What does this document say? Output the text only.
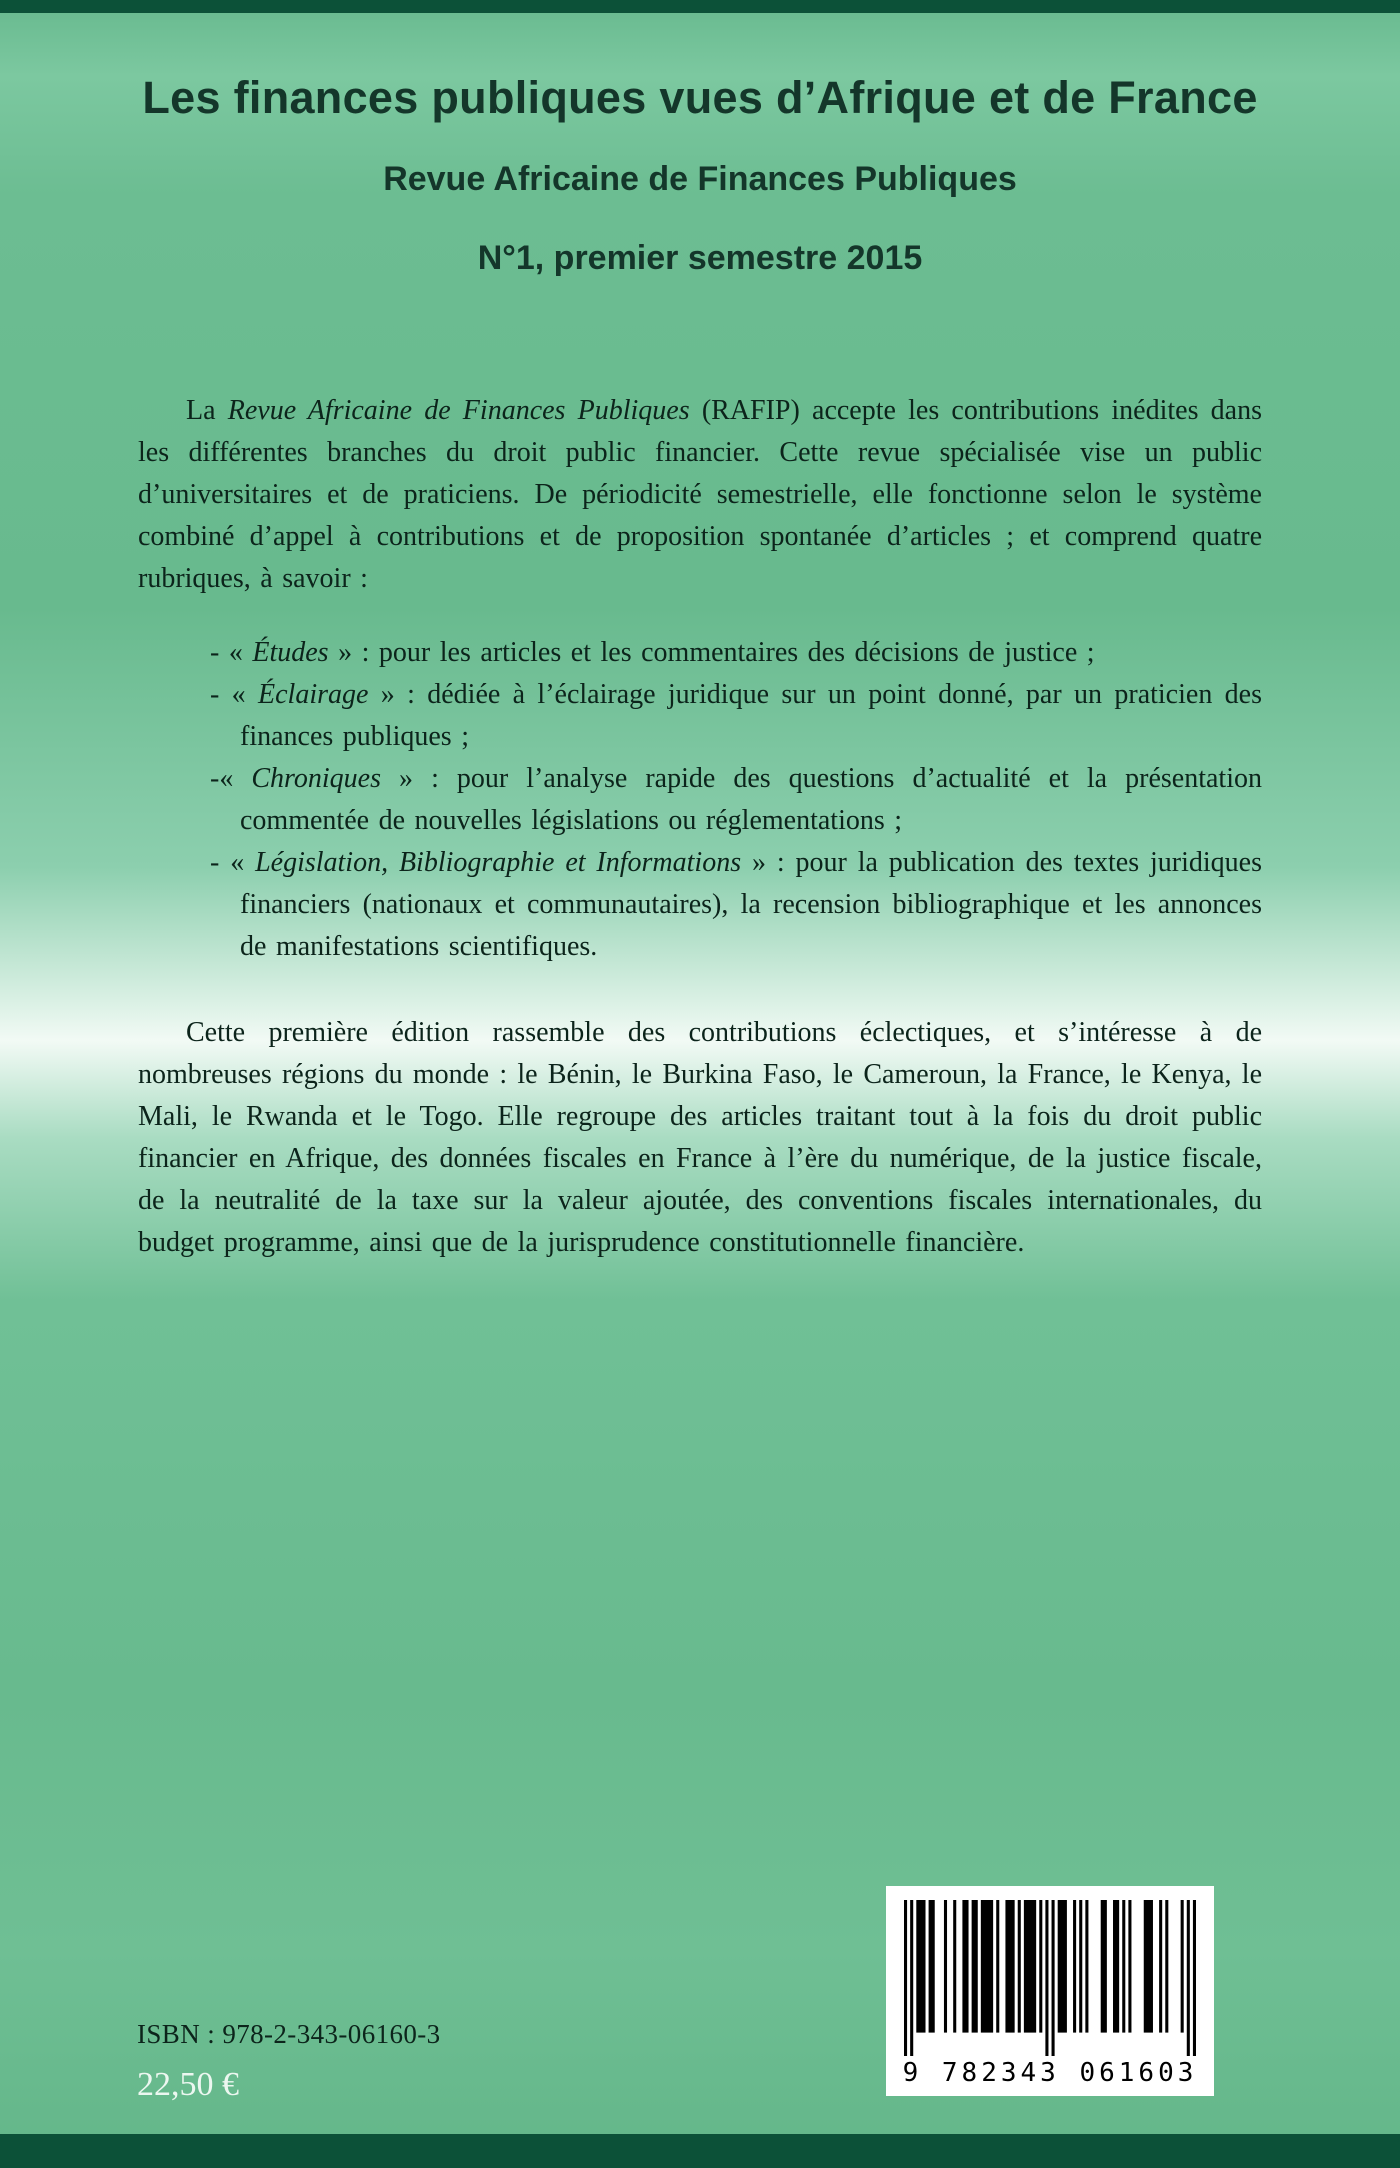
Les finances publiques vues d’Afrique et de France
Revue Africaine de Finances Publiques
N°1, premier semestre 2015

La Revue Africaine de Finances Publiques (RAFIP) accepte les contributions inédites dans les différentes branches du droit public financier. Cette revue spécialisée vise un public d’universitaires et de praticiens. De périodicité semestrielle, elle fonctionne selon le système combiné d’appel à contributions et de proposition spontanée d’articles ; et comprend quatre rubriques, à savoir :

- « Études » : pour les articles et les commentaires des décisions de justice ;
- « Éclairage » : dédiée à l’éclairage juridique sur un point donné, par un praticien des finances publiques ;
-« Chroniques » : pour l’analyse rapide des questions d’actualité et la présentation commentée de nouvelles législations ou réglementations ;
- « Législation, Bibliographie et Informations » : pour la publication des textes juridiques financiers (nationaux et communautaires), la recension bibliographique et les annonces de manifestations scientifiques.

Cette première édition rassemble des contributions éclectiques, et s’intéresse à de nombreuses régions du monde : le Bénin, le Burkina Faso, le Cameroun, la France, le Kenya, le Mali, le Rwanda et le Togo. Elle regroupe des articles traitant tout à la fois du droit public financier en Afrique, des données fiscales en France à l’ère du numérique, de la justice fiscale, de la neutralité de la taxe sur la valeur ajoutée, des conventions fiscales internationales, du budget programme, ainsi que de la jurisprudence constitutionnelle financière.

ISBN : 978-2-343-06160-3
22,50 €	9 782343 061603
